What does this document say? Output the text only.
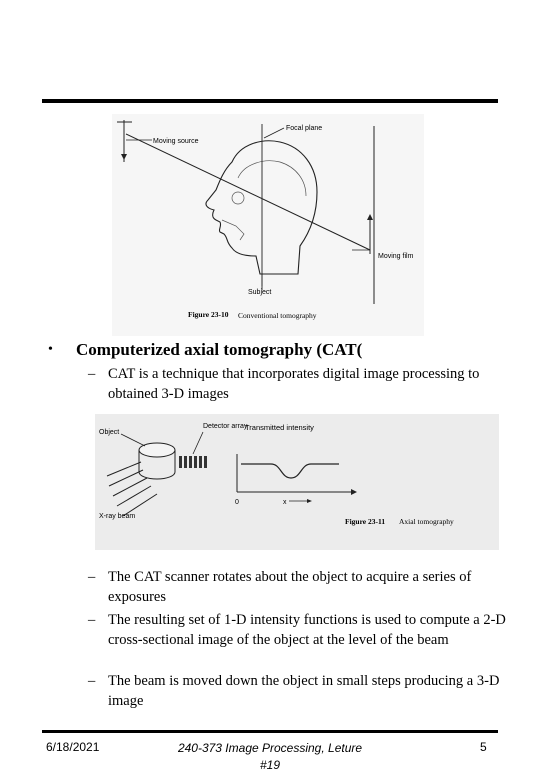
Moving source
Focal plane
Moving film
Subject
Figure 23-10 Conventional tomography
• Computerized axial tomography (CAT(
– CAT is a technique that incorporates digital image processing to obtained 3-D images
Object
Detector array
X-ray beam
Transmitted intensity
0	x
Figure 23-11 Axial tomography
– The CAT scanner rotates about the object to acquire a series of exposures
– The resulting set of 1-D intensity functions is used to compute a 2-D cross-sectional image of the object at the level of the beam
– The beam is moved down the object in small steps producing a 3-D image
6/18/2021	240-373 Image Processing, Leture #19
5
